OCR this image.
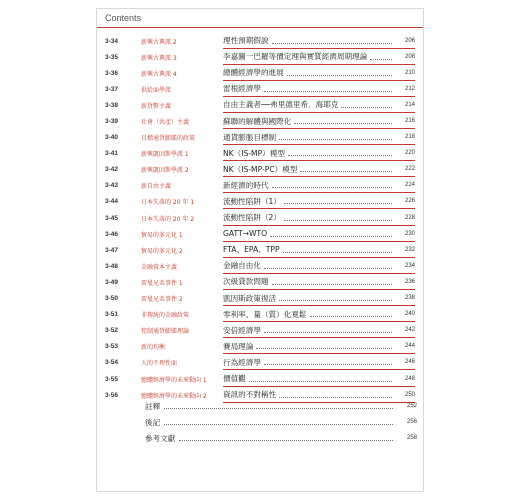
Contents
3-34	新興古典派 2	理性預期假說	206
3-35	新興古典派 3	李嘉圖一巴羅等價定理與實質經濟周期理論	208
3-36	新興古典派 4	總體經濟學的進展	210
3-37	供給面學派	雷根經濟學	212
3-38	新貨幣主義	自由主義者──弗里德里希．海耶克	214
3-39	社會（共產）主義	蘇聯的解體與國際化	216
3-40	目標通貨膨脹的政策	通貨膨脹目標制	218
3-41	新興凱因斯學派 1	NK（IS-MP）模型	220
3-42	新興凱因斯學派 2	NK（IS-MP-PC）模型	222
3-43	新自由主義	新經濟的時代	224
3-44	日本失落的 20 年 1	流動性陷阱（1）	226
3-45	日本失落的 20 年 2	流動性陷阱（2）	228
3-46	貿易的多元化 1	GATT→WTO	230
3-47	貿易的多元化 2	FTA、EPA、TPP	232
3-48	金融資本主義	金融自由化	234
3-49	雷曼兄弟事件 1	次級貸款問題	236
3-50	雷曼兄弟事件 2	凱因斯政策復活	238
3-51	非傳統的金融政策	零利率、量（質）化寬鬆	240
3-52	控制通貨膨脹理論	安倍經濟學	242
3-53	新的均衡	賽局理論	244
3-54	人的不理性面	行為經濟學	246
3-55	總體經濟學的未來動向 1	價值觀	248
3-56	總體經濟學的未來動向 2	資訊的不對稱性	250
註釋	252
後記	256
參考文獻	258
